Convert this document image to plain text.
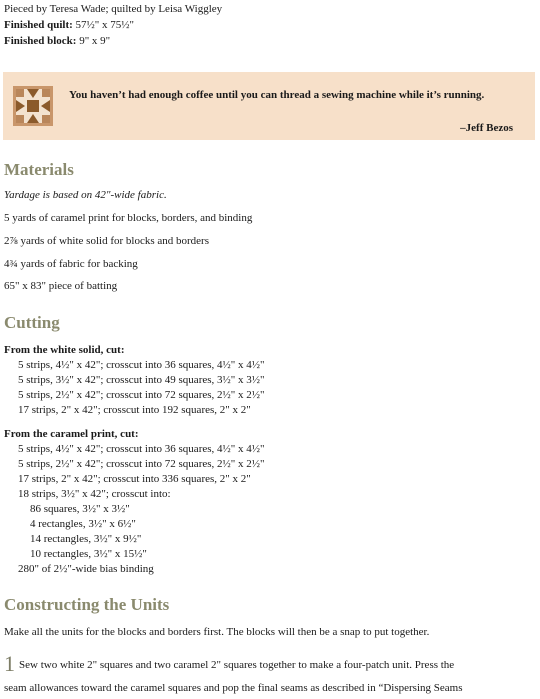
Pieced by Teresa Wade; quilted by Leisa Wiggley
Finished quilt: 57½" x 75½"
Finished block: 9" x 9"
You haven’t had enough coffee until you can thread a sewing machine while it’s running.
–Jeff Bezos
Materials
Yardage is based on 42"-wide fabric.
5 yards of caramel print for blocks, borders, and binding
2⅞ yards of white solid for blocks and borders
4¾ yards of fabric for backing
65" x 83" piece of batting
Cutting
From the white solid, cut:
5 strips, 4½" x 42"; crosscut into 36 squares, 4½" x 4½"
5 strips, 3½" x 42"; crosscut into 49 squares, 3½" x 3½"
5 strips, 2½" x 42"; crosscut into 72 squares, 2½" x 2½"
17 strips, 2" x 42"; crosscut into 192 squares, 2" x 2"
From the caramel print, cut:
5 strips, 4½" x 42"; crosscut into 36 squares, 4½" x 4½"
5 strips, 2½" x 42"; crosscut into 72 squares, 2½" x 2½"
17 strips, 2" x 42"; crosscut into 336 squares, 2" x 2"
18 strips, 3½" x 42"; crosscut into:
86 squares, 3½" x 3½"
4 rectangles, 3½" x 6½"
14 rectangles, 3½" x 9½"
10 rectangles, 3½" x 15½"
280" of 2½"-wide bias binding
Constructing the Units
Make all the units for the blocks and borders first. The blocks will then be a snap to put together.
1 Sew two white 2" squares and two caramel 2" squares together to make a four-patch unit. Press the
seam allowances toward the caramel squares and pop the final seams as described in “Dispersing Seams
